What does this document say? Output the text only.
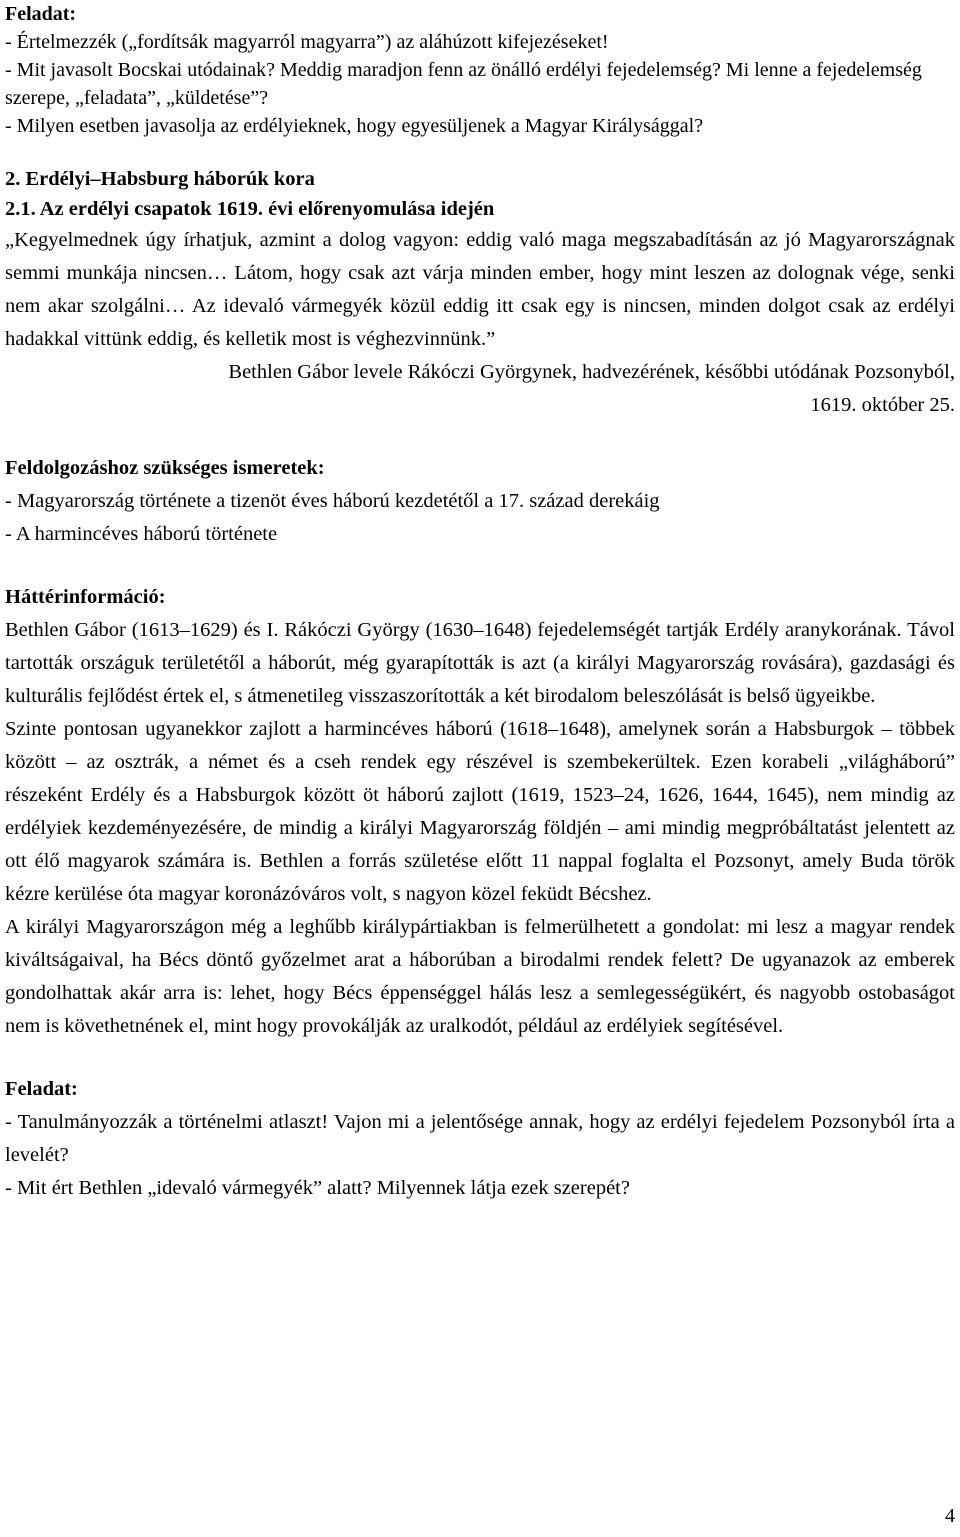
Feladat:

- Értelmezzék („fordítsák magyarról magyarra”) az aláhúzott kifejezéseket!

- Mit javasolt Bocskai utódainak? Meddig maradjon fenn az önálló erdélyi fejedelemség? Mi lenne a fejedelemség szerepe, „feladata”, „küldetése”?

- Milyen esetben javasolja az erdélyieknek, hogy egyesüljenek a Magyar Királysággal?

2. Erdélyi–Habsburg háborúk kora

2.1. Az erdélyi csapatok 1619. évi előrenyomulása idején

„Kegyelmednek úgy írhatjuk, azmint a dolog vagyon: eddig való maga megszabadításán az jó Magyarországnak semmi munkája nincsen… Látom, hogy csak azt várja minden ember, hogy mint leszen az dolognak vége, senki nem akar szolgálni… Az idevaló vármegyék közül eddig itt csak egy is nincsen, minden dolgot csak az erdélyi hadakkal vittünk eddig, és kelletik most is véghezvinnünk.”

Bethlen Gábor levele Rákóczi Györgynek, hadvezérének, későbbi utódának Pozsonyból,

1619. október 25.

Feldolgozáshoz szükséges ismeretek:

- Magyarország története a tizenöt éves háború kezdetétől a 17. század derekáig

- A harmincéves háború története

Háttérinformáció:

Bethlen Gábor (1613–1629) és I. Rákóczi György (1630–1648) fejedelemségét tartják Erdély aranykorának. Távol tartották országuk területétől a háborút, még gyarapították is azt (a királyi Magyarország rovására), gazdasági és kulturális fejlődést értek el, s átmenetileg visszaszorították a két birodalom beleszólását is belső ügyeikbe.

Szinte pontosan ugyanekkor zajlott a harmincéves háború (1618–1648), amelynek során a Habsburgok – többek között – az osztrák, a német és a cseh rendek egy részével is szembekerültek. Ezen korabeli „világháború” részeként Erdély és a Habsburgok között öt háború zajlott (1619, 1523–24, 1626, 1644, 1645), nem mindig az erdélyiek kezdeményezésére, de mindig a királyi Magyarország földjén – ami mindig megpróbáltatást jelentett az ott élő magyarok számára is. Bethlen a forrás születése előtt 11 nappal foglalta el Pozsonyt, amely Buda török kézre kerülése óta magyar koronázóváros volt, s nagyon közel feküdt Bécshez.

A királyi Magyarországon még a leghűbb királypártiakban is felmerülhetett a gondolat: mi lesz a magyar rendek kiváltságaival, ha Bécs döntő győzelmet arat a háborúban a birodalmi rendek felett? De ugyanazok az emberek gondolhattak akár arra is: lehet, hogy Bécs éppenséggel hálás lesz a semlegességükért, és nagyobb ostobaságot nem is követhetnének el, mint hogy provokálják az uralkodót, például az erdélyiek segítésével.

Feladat:

- Tanulmányozzák a történelmi atlaszt! Vajon mi a jelentősége annak, hogy az erdélyi fejedelem Pozsonyból írta a levelét?

- Mit ért Bethlen „idevaló vármegyék” alatt? Milyennek látja ezek szerepét?

4
